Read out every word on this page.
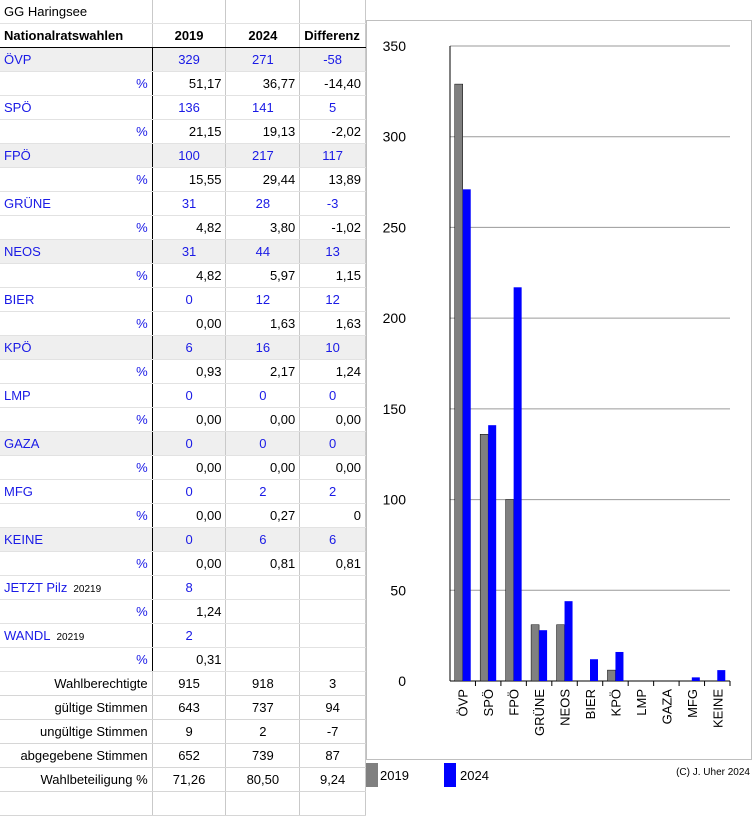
GG Haringsee			
Nationalratswahlen	2019	2024	Differenz
ÖVP	329	271	-58
%	51,17	36,77	-14,40
SPÖ	136	141	5
%	21,15	19,13	-2,02
FPÖ	100	217	117
%	15,55	29,44	13,89
GRÜNE	31	28	-3
%	4,82	3,80	-1,02
NEOS	31	44	13
%	4,82	5,97	1,15
BIER	0	12	12
%	0,00	1,63	1,63
KPÖ	6	16	10
%	0,93	2,17	1,24
LMP	0	0	0
%	0,00	0,00	0,00
GAZA	0	0	0
%	0,00	0,00	0,00
MFG	0	2	2
%	0,00	0,27	0
KEINE	0	6	6
%	0,00	0,81	0,81
JETZT Pilz 20219	8		
%	1,24		
WANDL 20219	2		
%	0,31		
Wahlberechtigte	915	918	3
gültige Stimmen	643	737	94
ungültige Stimmen	9	2	-7
abgegebene Stimmen	652	739	87
Wahlbeteiligung %	71,26	80,50	9,24

0
50
100
150
200
250
300
350
ÖVP SPÖ FPÖ GRÜNE NEOS BIER KPÖ LMP GAZA MFG KEINE
2019	2024	(C) J. Uher 2024
